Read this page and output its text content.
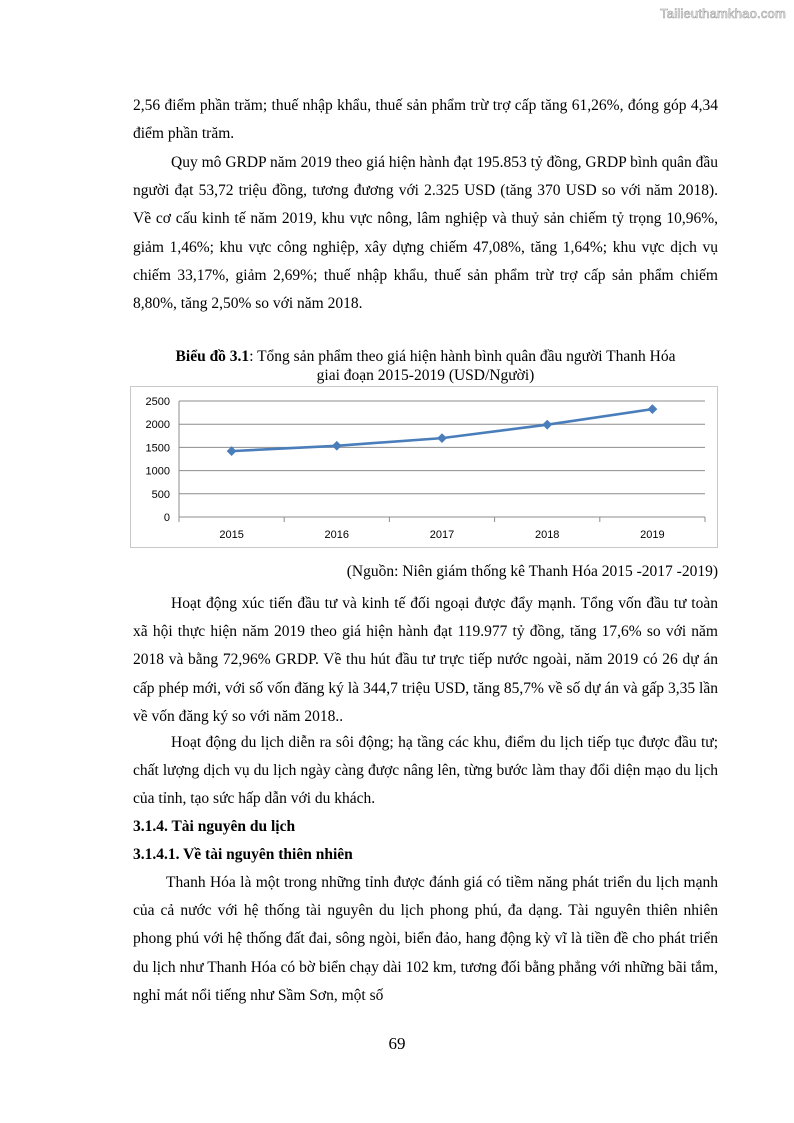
Tailieuthamkhao.com
2,56 điểm phần trăm; thuế nhập khẩu, thuế sản phẩm trừ trợ cấp tăng 61,26%, đóng góp 4,34 điểm phần trăm.
Quy mô GRDP năm 2019 theo giá hiện hành đạt 195.853 tỷ đồng, GRDP bình quân đầu người đạt 53,72 triệu đồng, tương đương với 2.325 USD (tăng 370 USD so với năm 2018). Về cơ cấu kinh tế năm 2019, khu vực nông, lâm nghiệp và thuỷ sản chiếm tỷ trọng 10,96%, giảm 1,46%; khu vực công nghiệp, xây dựng chiếm 47,08%, tăng 1,64%; khu vực dịch vụ chiếm 33,17%, giảm 2,69%; thuế nhập khẩu, thuế sản phẩm trừ trợ cấp sản phẩm chiếm 8,80%, tăng 2,50% so với năm 2018.
Biểu đồ 3.1: Tổng sản phẩm theo giá hiện hành bình quân đầu người Thanh Hóa
giai đoạn 2015-2019 (USD/Người)
0
500
1000
1500
2000
2500
2015	2016	2017	2018	2019
(Nguồn: Niên giám thống kê Thanh Hóa 2015 -2017 -2019)
Hoạt động xúc tiến đầu tư và kinh tế đối ngoại được đẩy mạnh. Tổng vốn đầu tư toàn xã hội thực hiện năm 2019 theo giá hiện hành đạt 119.977 tỷ đồng, tăng 17,6% so với năm 2018 và bằng 72,96% GRDP. Về thu hút đầu tư trực tiếp nước ngoài, năm 2019 có 26 dự án cấp phép mới, với số vốn đăng ký là 344,7 triệu USD, tăng 85,7% về số dự án và gấp 3,35 lần về vốn đăng ký so với năm 2018..
Hoạt động du lịch diễn ra sôi động; hạ tầng các khu, điểm du lịch tiếp tục được đầu tư; chất lượng dịch vụ du lịch ngày càng được nâng lên, từng bước làm thay đổi diện mạo du lịch của tỉnh, tạo sức hấp dẫn với du khách.
3.1.4. Tài nguyên du lịch
3.1.4.1. Về tài nguyên thiên nhiên
Thanh Hóa là một trong những tỉnh được đánh giá có tiềm năng phát triển du lịch mạnh của cả nước với hệ thống tài nguyên du lịch phong phú, đa dạng. Tài nguyên thiên nhiên phong phú với hệ thống đất đai, sông ngòi, biển đảo, hang động kỳ vĩ là tiền đề cho phát triển du lịch như Thanh Hóa có bờ biển chạy dài 102 km, tương đối bằng phẳng với những bãi tắm, nghỉ mát nổi tiếng như Sầm Sơn, một số
69
